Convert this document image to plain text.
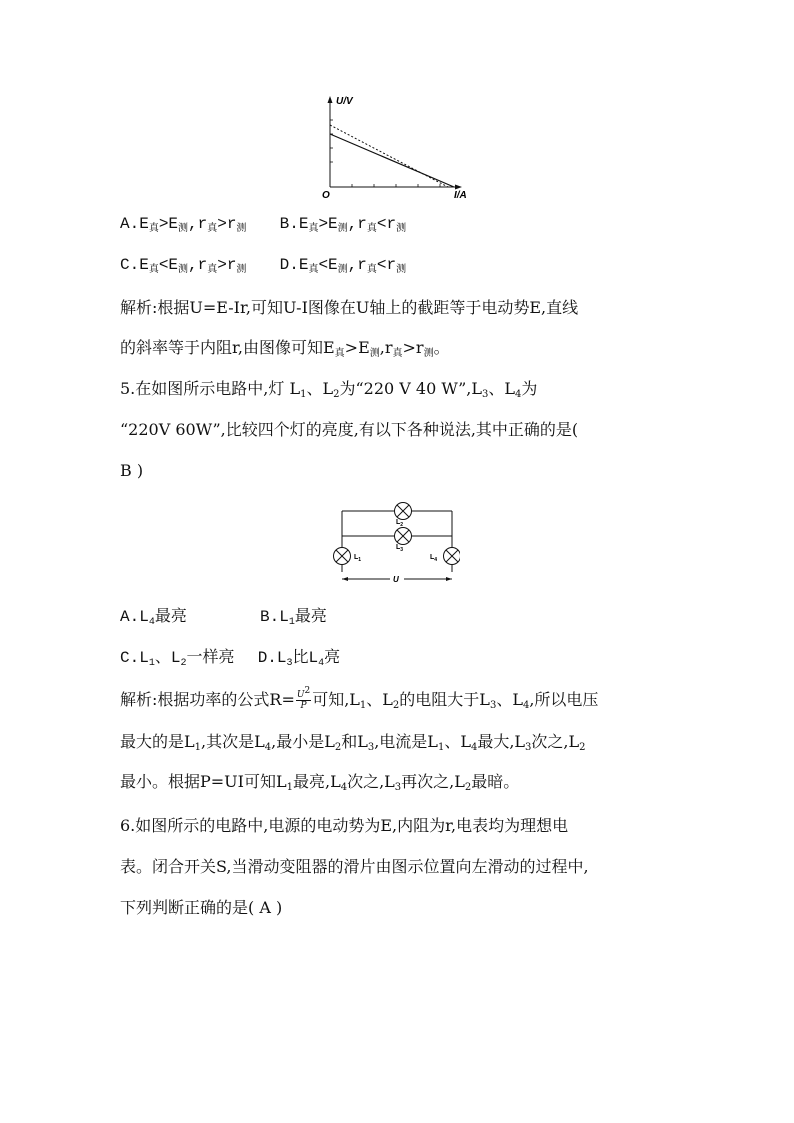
U/V
I/A
O
$A.E_真>E_测,r_真>r_测$ $B.E_真>E_测,r_真<r_测$
$C.E_真<E_测,r_真>r_测$ $D.E_真<E_测,r_真<r_测$
解析:根据U=E-Ir,可知U-I图像在U轴上的截距等于电动势E,直线
的斜率等于内阻r,由图像可知$E_真>E_测,r_真>r_测$。
5.在如图所示电路中,灯 $L_1$、$L_2$为“220 V 40 $W”,L_3$、$L_4$为
“220V 60W”,比较四个灯的亮度,有以下各种说法,其中正确的是(
B )
$L_2$
$L_3$
$L_1$	$L_4$
U
$A.L_4$最亮	$B.L_1$最亮
$C.L_1$、$L_2$一样亮 $D.L_3$比$L_4$亮
解析:根据功率的公式$R= \frac{U^2}{P}$ 可知$,L_1$、$L_2$的电阻大于$L_3$、$L_4$,所以电压
最大的是$L_1$,其次是$L_4$,最小是$L_2$和$L_3$,电流是$L_1$、$L_4$最大$,L_3$次之$,L_2$
最小。根据P=UI可知$L_1$最亮$,L_4$次之$,L_3$再次之$,L_2$最暗。
6.如图所示的电路中,电源的电动势为E,内阻为r,电表均为理想电
表。闭合开关S,当滑动变阻器的滑片由图示位置向左滑动的过程中,
下列判断正确的是( A )
